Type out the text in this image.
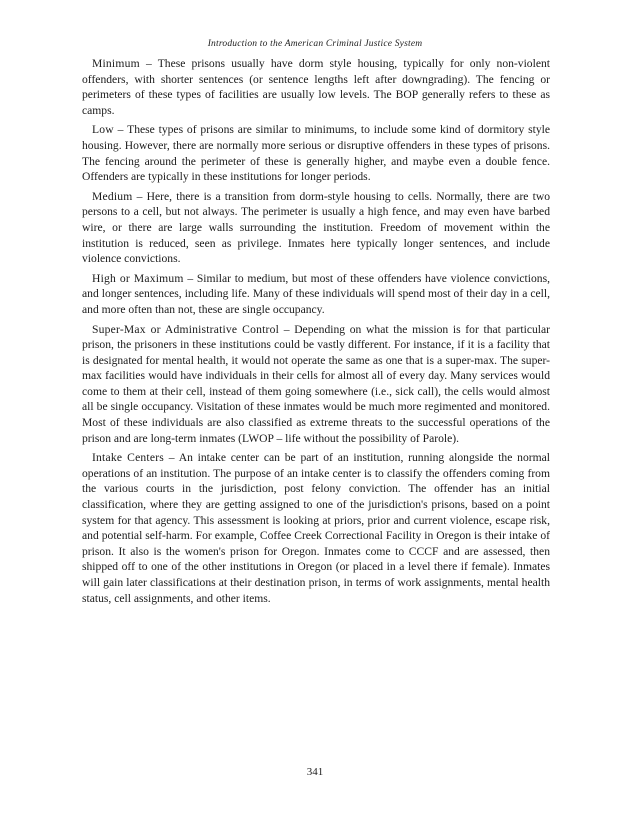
Introduction to the American Criminal Justice System

Minimum – These prisons usually have dorm style housing, typically for only non-violent offenders, with shorter sentences (or sentence lengths left after downgrading). The fencing or perimeters of these types of facilities are usually low levels. The BOP generally refers to these as camps.

Low – These types of prisons are similar to minimums, to include some kind of dormitory style housing. However, there are normally more serious or disruptive offenders in these types of prisons. The fencing around the perimeter of these is generally higher, and maybe even a double fence. Offenders are typically in these institutions for longer periods.

Medium – Here, there is a transition from dorm-style housing to cells. Normally, there are two persons to a cell, but not always. The perimeter is usually a high fence, and may even have barbed wire, or there are large walls surrounding the institution. Freedom of movement within the institution is reduced, seen as privilege. Inmates here typically longer sentences, and include violence convictions.

High or Maximum – Similar to medium, but most of these offenders have violence convictions, and longer sentences, including life. Many of these individuals will spend most of their day in a cell, and more often than not, these are single occupancy.

Super-Max or Administrative Control – Depending on what the mission is for that particular prison, the prisoners in these institutions could be vastly different. For instance, if it is a facility that is designated for mental health, it would not operate the same as one that is a super-max. The super-max facilities would have individuals in their cells for almost all of every day. Many services would come to them at their cell, instead of them going somewhere (i.e., sick call), the cells would almost all be single occupancy. Visitation of these inmates would be much more regimented and monitored. Most of these individuals are also classified as extreme threats to the successful operations of the prison and are long-term inmates (LWOP – life without the possibility of Parole).

Intake Centers – An intake center can be part of an institution, running alongside the normal operations of an institution. The purpose of an intake center is to classify the offenders coming from the various courts in the jurisdiction, post felony conviction. The offender has an initial classification, where they are getting assigned to one of the jurisdiction's prisons, based on a point system for that agency. This assessment is looking at priors, prior and current violence, escape risk, and potential self-harm. For example, Coffee Creek Correctional Facility in Oregon is their intake of prison. It also is the women's prison for Oregon. Inmates come to CCCF and are assessed, then shipped off to one of the other institutions in Oregon (or placed in a level there if female). Inmates will gain later classifications at their destination prison, in terms of work assignments, mental health status, cell assignments, and other items.

341
